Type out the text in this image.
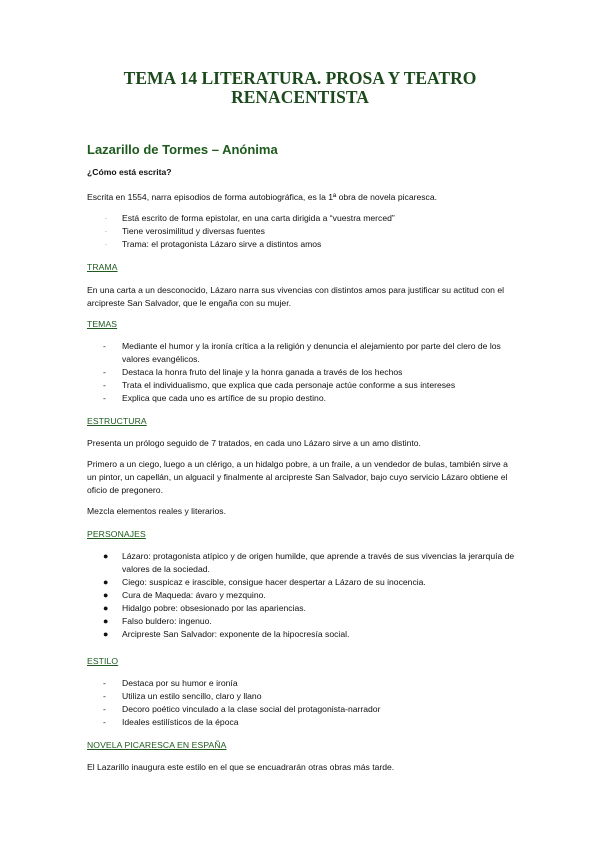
TEMA 14 LITERATURA. PROSA Y TEATRO RENACENTISTA
Lazarillo de Tormes – Anónima

¿Cómo está escrita?

Escrita en 1554, narra episodios de forma autobiográfica, es la 1ª obra de novela picaresca.

· Está escrito de forma epistolar, en una carta dirigida a “vuestra merced”
· Tiene verosimilitud y diversas fuentes
· Trama: el protagonista Lázaro sirve a distintos amos

TRAMA

En una carta a un desconocido, Lázaro narra sus vivencias con distintos amos para justificar su actitud con el arcipreste San Salvador, que le engaña con su mujer.

TEMAS

- Mediante el humor y la ironía crítica a la religión y denuncia el alejamiento por parte del clero de los valores evangélicos.
- Destaca la honra fruto del linaje y la honra ganada a través de los hechos
- Trata el individualismo, que explica que cada personaje actúe conforme a sus intereses
- Explica que cada uno es artífice de su propio destino.

ESTRUCTURA

Presenta un prólogo seguido de 7 tratados, en cada uno Lázaro sirve a un amo distinto.

Primero a un ciego, luego a un clérigo, a un hidalgo pobre, a un fraile, a un vendedor de bulas, también sirve a un pintor, un capellán, un alguacil y finalmente al arcipreste San Salvador, bajo cuyo servicio Lázaro obtiene el oficio de pregonero.

Mezcla elementos reales y literarios.

PERSONAJES

● Lázaro: protagonista atípico y de origen humilde, que aprende a través de sus vivencias la jerarquía de valores de la sociedad.
● Ciego: suspicaz e irascible, consigue hacer despertar a Lázaro de su inocencia.
● Cura de Maqueda: ávaro y mezquino.
● Hidalgo pobre: obsesionado por las apariencias.
● Falso buldero: ingenuo.
● Arcipreste San Salvador: exponente de la hipocresía social.

ESTILO

- Destaca por su humor e ironía
- Utiliza un estilo sencillo, claro y llano
- Decoro poético vinculado a la clase social del protagonista-narrador
- Ideales estilísticos de la época

NOVELA PICARESCA EN ESPAÑA

El Lazarillo inaugura este estilo en el que se encuadrarán otras obras más tarde.
